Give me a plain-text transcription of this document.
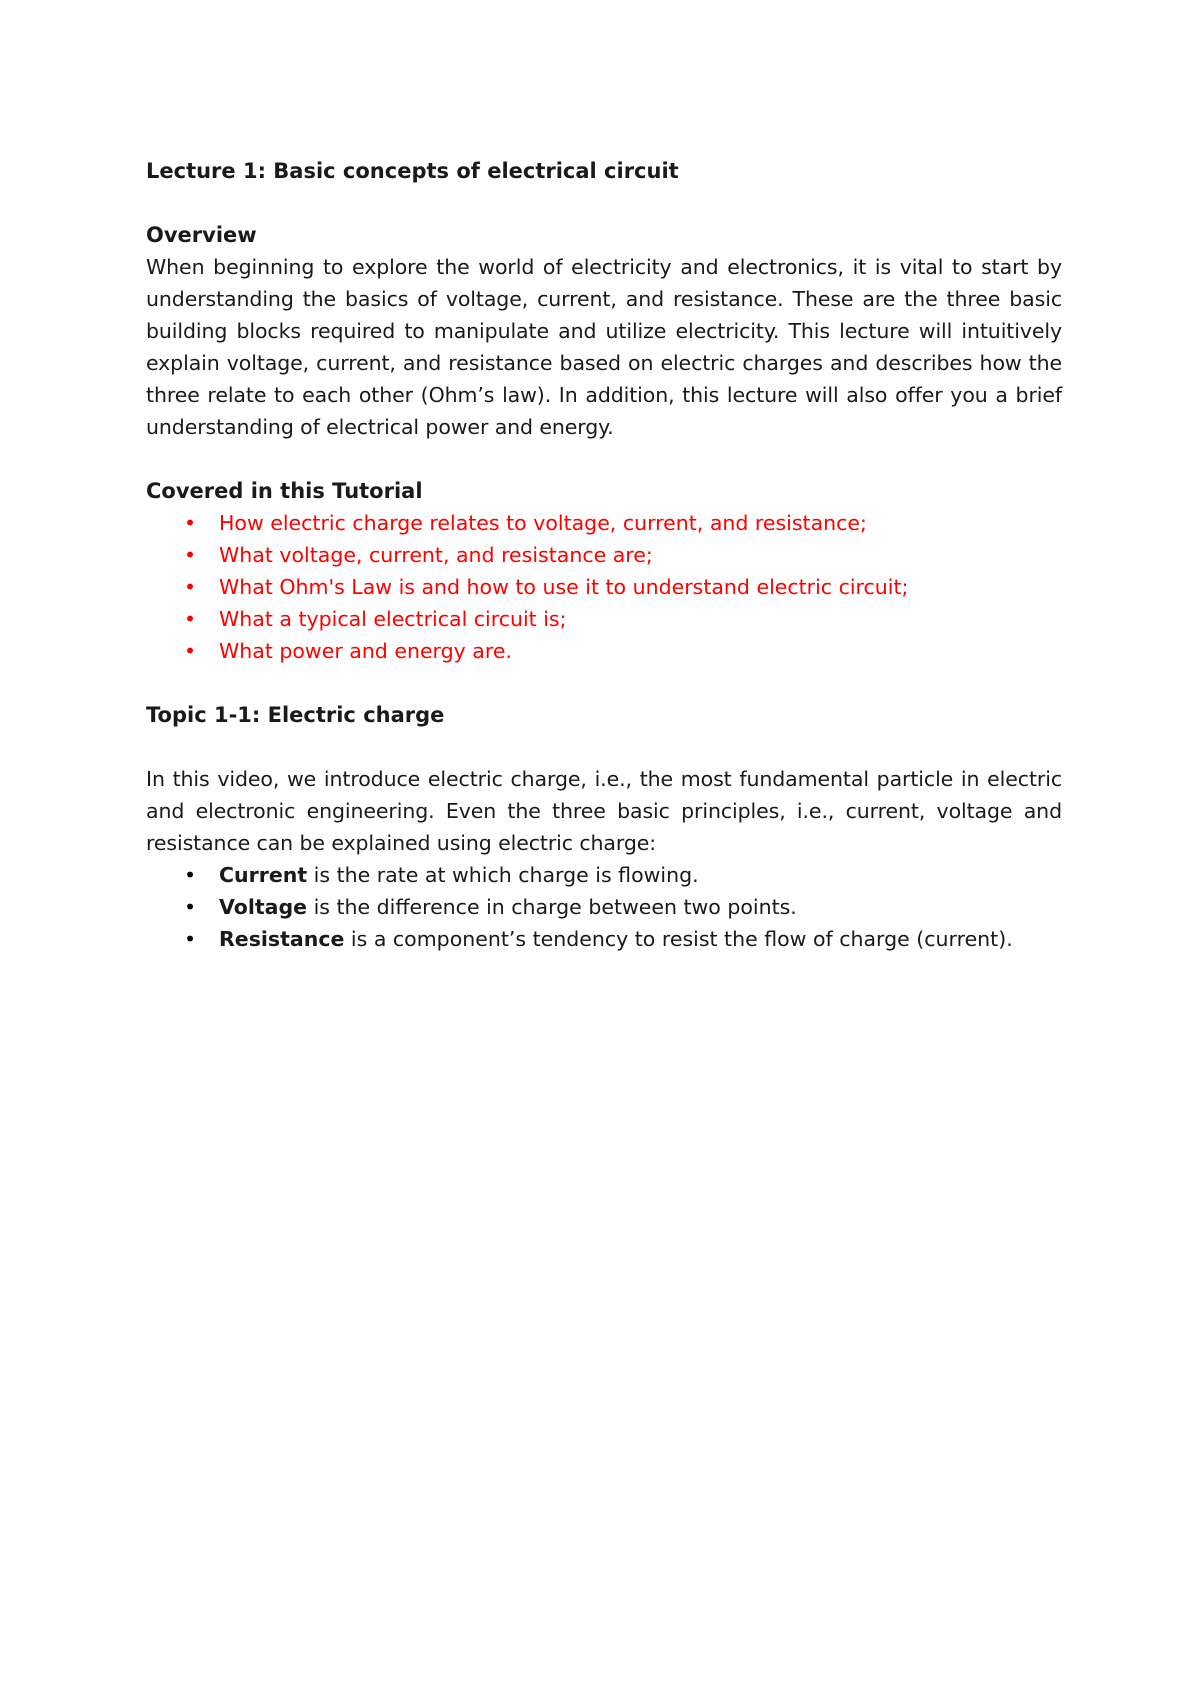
Lecture 1: Basic concepts of electrical circuit

Overview

When beginning to explore the world of electricity and electronics, it is vital to start by understanding the basics of voltage, current, and resistance. These are the three basic building blocks required to manipulate and utilize electricity. This lecture will intuitively explain voltage, current, and resistance based on electric charges and describes how the three relate to each other (Ohm’s law). In addition, this lecture will also offer you a brief understanding of electrical power and energy.

Covered in this Tutorial

• How electric charge relates to voltage, current, and resistance;
• What voltage, current, and resistance are;
• What Ohm's Law is and how to use it to understand electric circuit;
• What a typical electrical circuit is;
• What power and energy are.

Topic 1-1: Electric charge

In this video, we introduce electric charge, i.e., the most fundamental particle in electric and electronic engineering. Even the three basic principles, i.e., current, voltage and resistance can be explained using electric charge:

• Current is the rate at which charge is flowing.
• Voltage is the difference in charge between two points.
• Resistance is a component’s tendency to resist the flow of charge (current).
